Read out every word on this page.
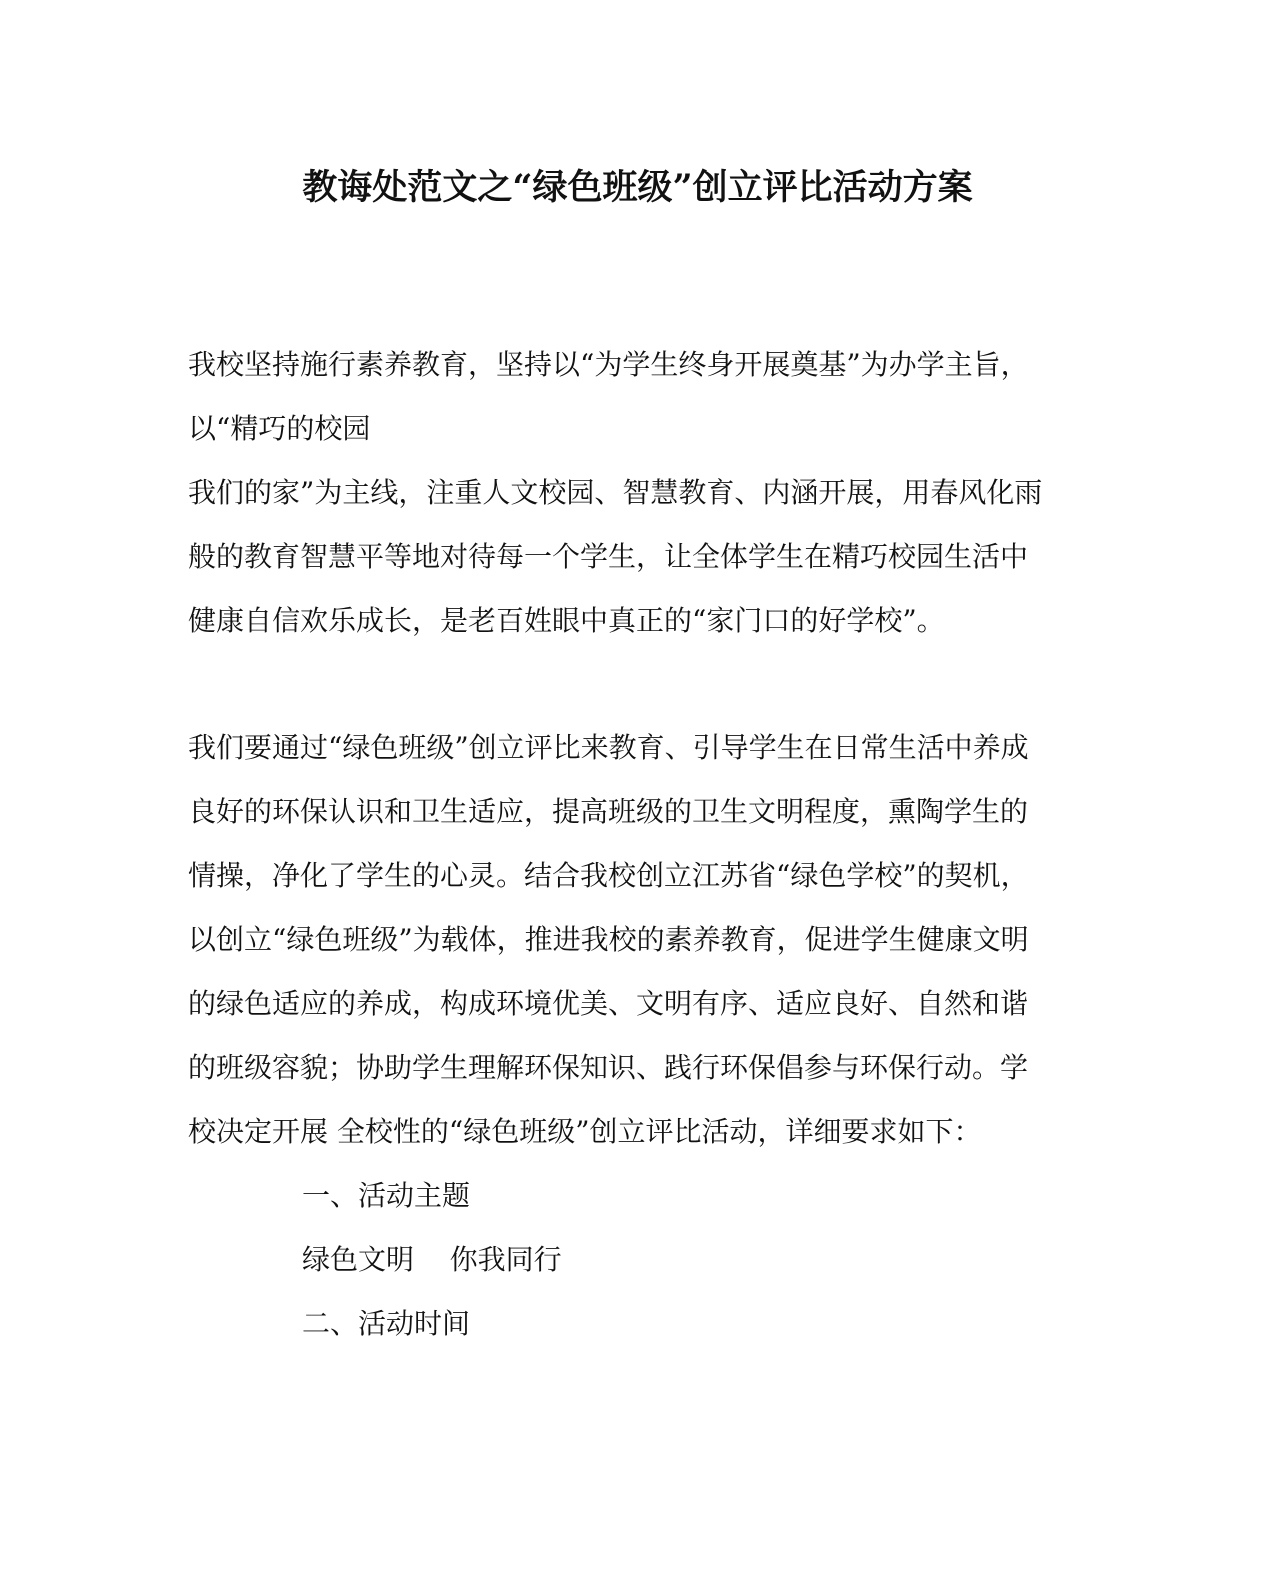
教诲处范文之“绿色班级”创立评比活动方案
我校坚持施行素养教育，坚持以“为学生终身开展奠基”为办学主旨，
以“精巧的校园
我们的家”为主线，注重人文校园、智慧教育、内涵开展，用春风化雨
般的教育智慧平等地对待每一个学生，让全体学生在精巧校园生活中
健康自信欢乐成长，是老百姓眼中真正的“家门口的好学校”。
我们要通过“绿色班级”创立评比来教育、引导学生在日常生活中养成
良好的环保认识和卫生适应，提高班级的卫生文明程度，熏陶学生的
情操，净化了学生的心灵。结合我校创立江苏省“绿色学校”的契机，
以创立“绿色班级”为载体，推进我校的素养教育，促进学生健康文明
的绿色适应的养成，构成环境优美、文明有序、适应良好、自然和谐
的班级容貌；协助学生理解环保知识、践行环保倡参与环保行动。学
校决定开展 全校性的“绿色班级”创立评比活动，详细要求如下：
一、活动主题
绿色文明    你我同行
二、活动时间
